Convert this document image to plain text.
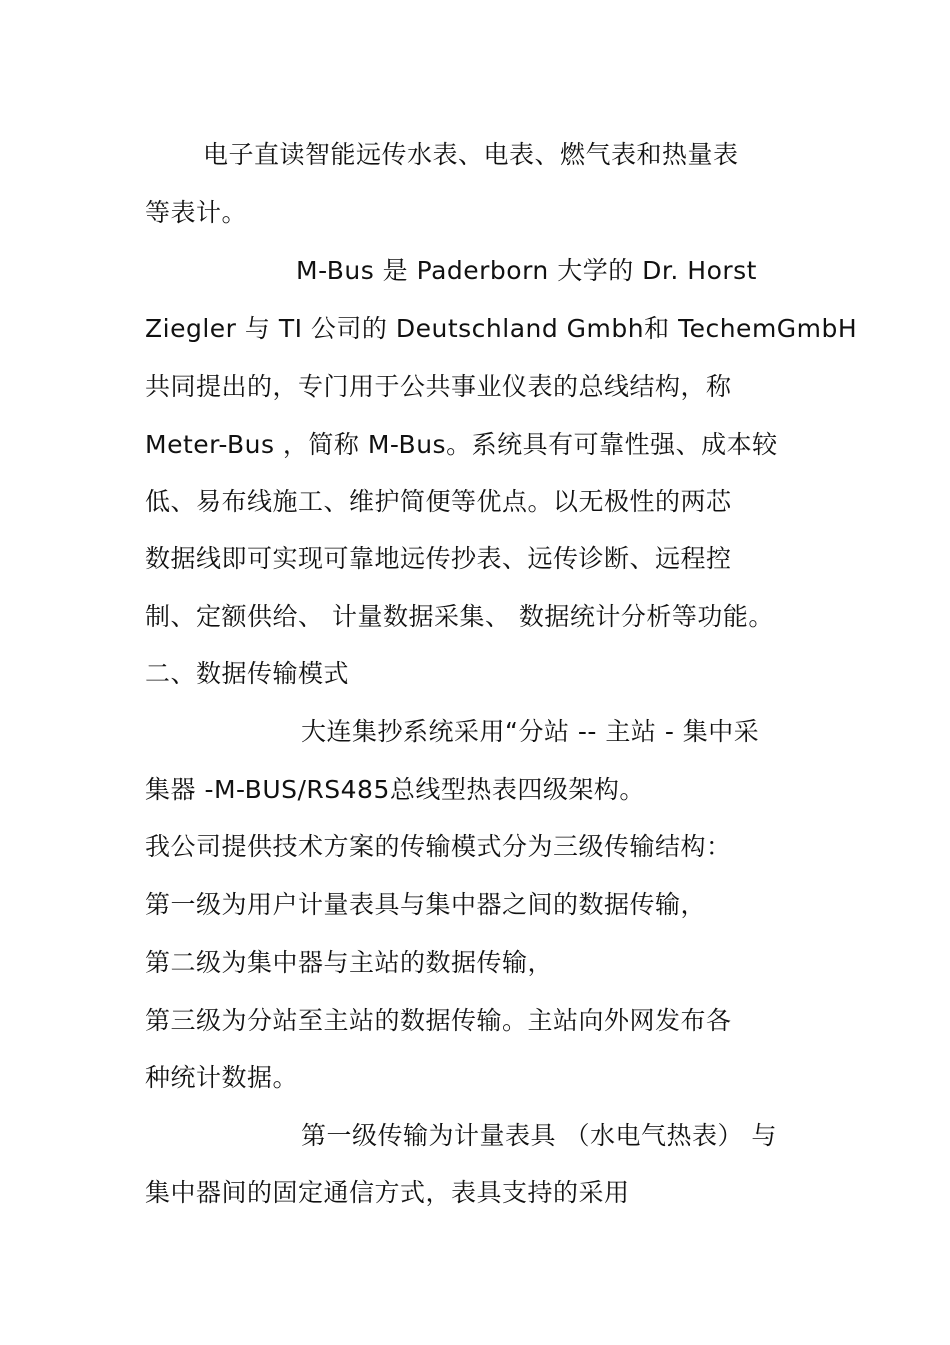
电子直读智能远传水表、电表、燃气表和热量表
等表计。
M-Bus 是 Paderborn 大学的 Dr. Horst
Ziegler 与 TI 公司的 Deutschland Gmbh和 TechemGmbH
共同提出的，专门用于公共事业仪表的总线结构，称
Meter-Bus ，简称 M-Bus。系统具有可靠性强、成本较
低、易布线施工、维护简便等优点。以无极性的两芯
数据线即可实现可靠地远传抄表、远传诊断、远程控
制、定额供给、 计量数据采集、 数据统计分析等功能。
二、数据传输模式
大连集抄系统采用“分站 -- 主站 - 集中采
集器 -M-BUS/RS485总线型热表四级架构。
我公司提供技术方案的传输模式分为三级传输结构：
第一级为用户计量表具与集中器之间的数据传输，
第二级为集中器与主站的数据传输，
第三级为分站至主站的数据传输。主站向外网发布各
种统计数据。
第一级传输为计量表具 （水电气热表） 与
集中器间的固定通信方式，表具支持的采用
